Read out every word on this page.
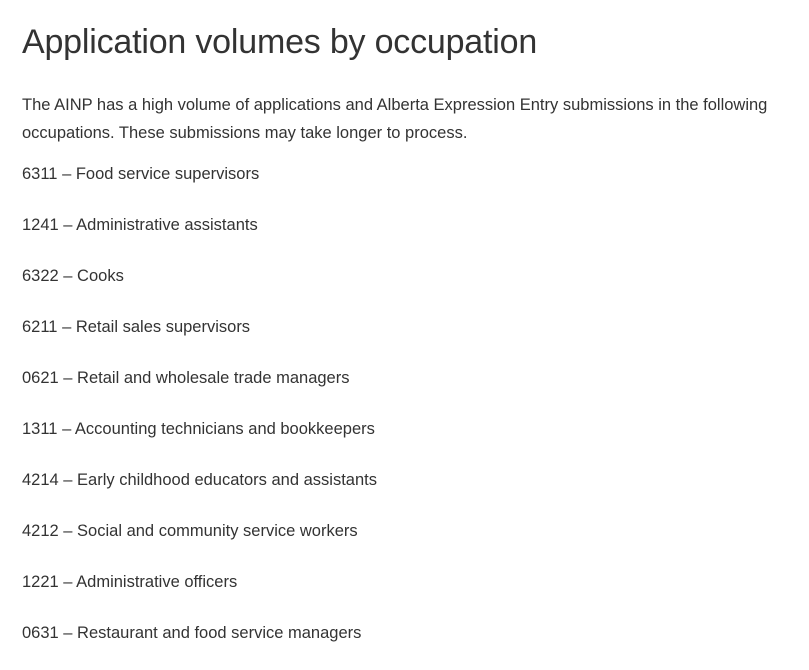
Application volumes by occupation

The AINP has a high volume of applications and Alberta Expression Entry submissions in the following occupations. These submissions may take longer to process.

6311 – Food service supervisors
1241 – Administrative assistants
6322 – Cooks
6211 – Retail sales supervisors
0621 – Retail and wholesale trade managers
1311 – Accounting technicians and bookkeepers
4214 – Early childhood educators and assistants
4212 – Social and community service workers
1221 – Administrative officers
0631 – Restaurant and food service managers
